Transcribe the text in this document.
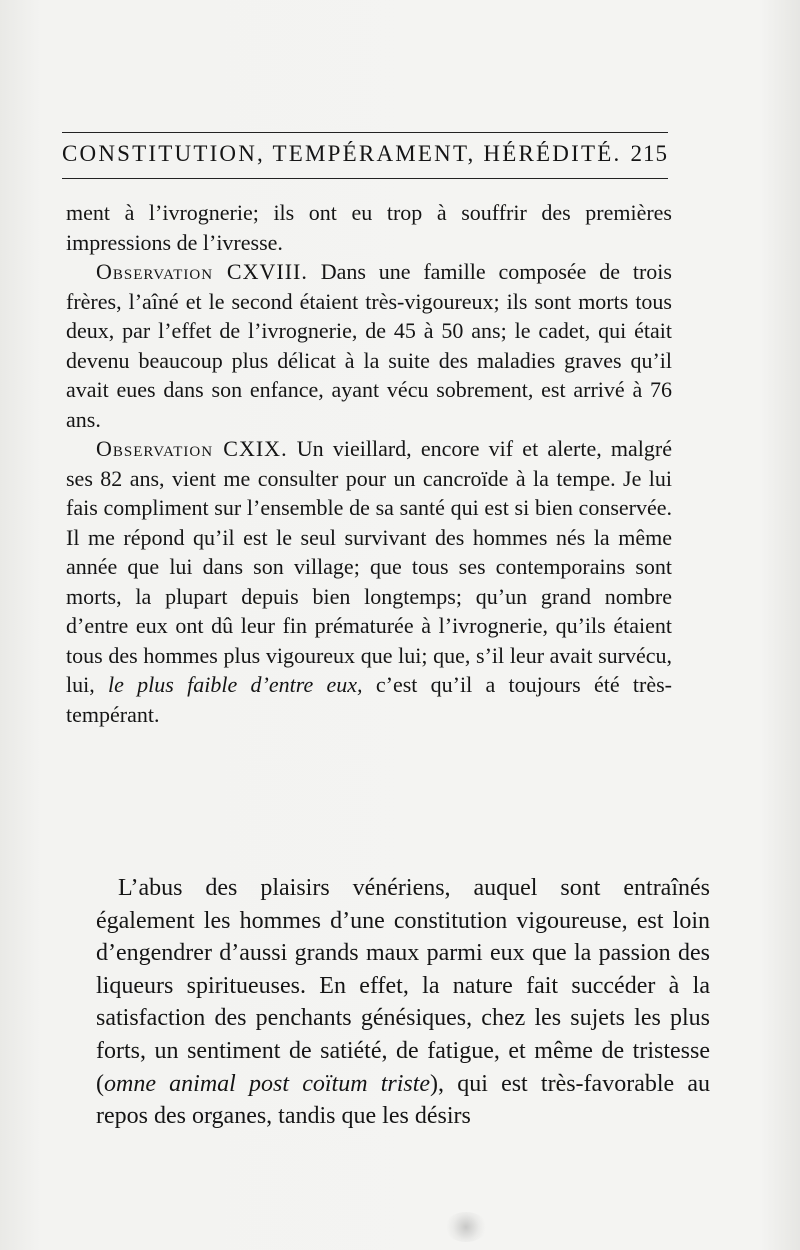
CONSTITUTION, TEMPÉRAMENT, HÉRÉDITÉ. 215

ment à l’ivrognerie; ils ont eu trop à souffrir des premières impressions de l’ivresse.

Observation CXVIII. Dans une famille composée de trois frères, l’aîné et le second étaient très-vigoureux; ils sont morts tous deux, par l’effet de l’ivrognerie, de 45 à 50 ans; le cadet, qui était devenu beaucoup plus délicat à la suite des maladies graves qu’il avait eues dans son enfance, ayant vécu sobrement, est arrivé à 76 ans.

Observation CXIX. Un vieillard, encore vif et alerte, malgré ses 82 ans, vient me consulter pour un cancroïde à la tempe. Je lui fais compliment sur l’ensemble de sa santé qui est si bien conservée. Il me répond qu’il est le seul survivant des hommes nés la même année que lui dans son village; que tous ses contemporains sont morts, la plupart depuis bien longtemps; qu’un grand nombre d’entre eux ont dû leur fin prématurée à l’ivrognerie, qu’ils étaient tous des hommes plus vigoureux que lui; que, s’il leur avait survécu, lui, le plus faible d’entre eux, c’est qu’il a toujours été très-tempérant.

L’abus des plaisirs vénériens, auquel sont entraînés également les hommes d’une constitution vigoureuse, est loin d’engendrer d’aussi grands maux parmi eux que la passion des liqueurs spiritueuses. En effet, la nature fait succéder à la satisfaction des penchants génésiques, chez les sujets les plus forts, un sentiment de satiété, de fatigue, et même de tristesse (omne animal post coïtum triste), qui est très-favorable au repos des organes, tandis que les désirs
